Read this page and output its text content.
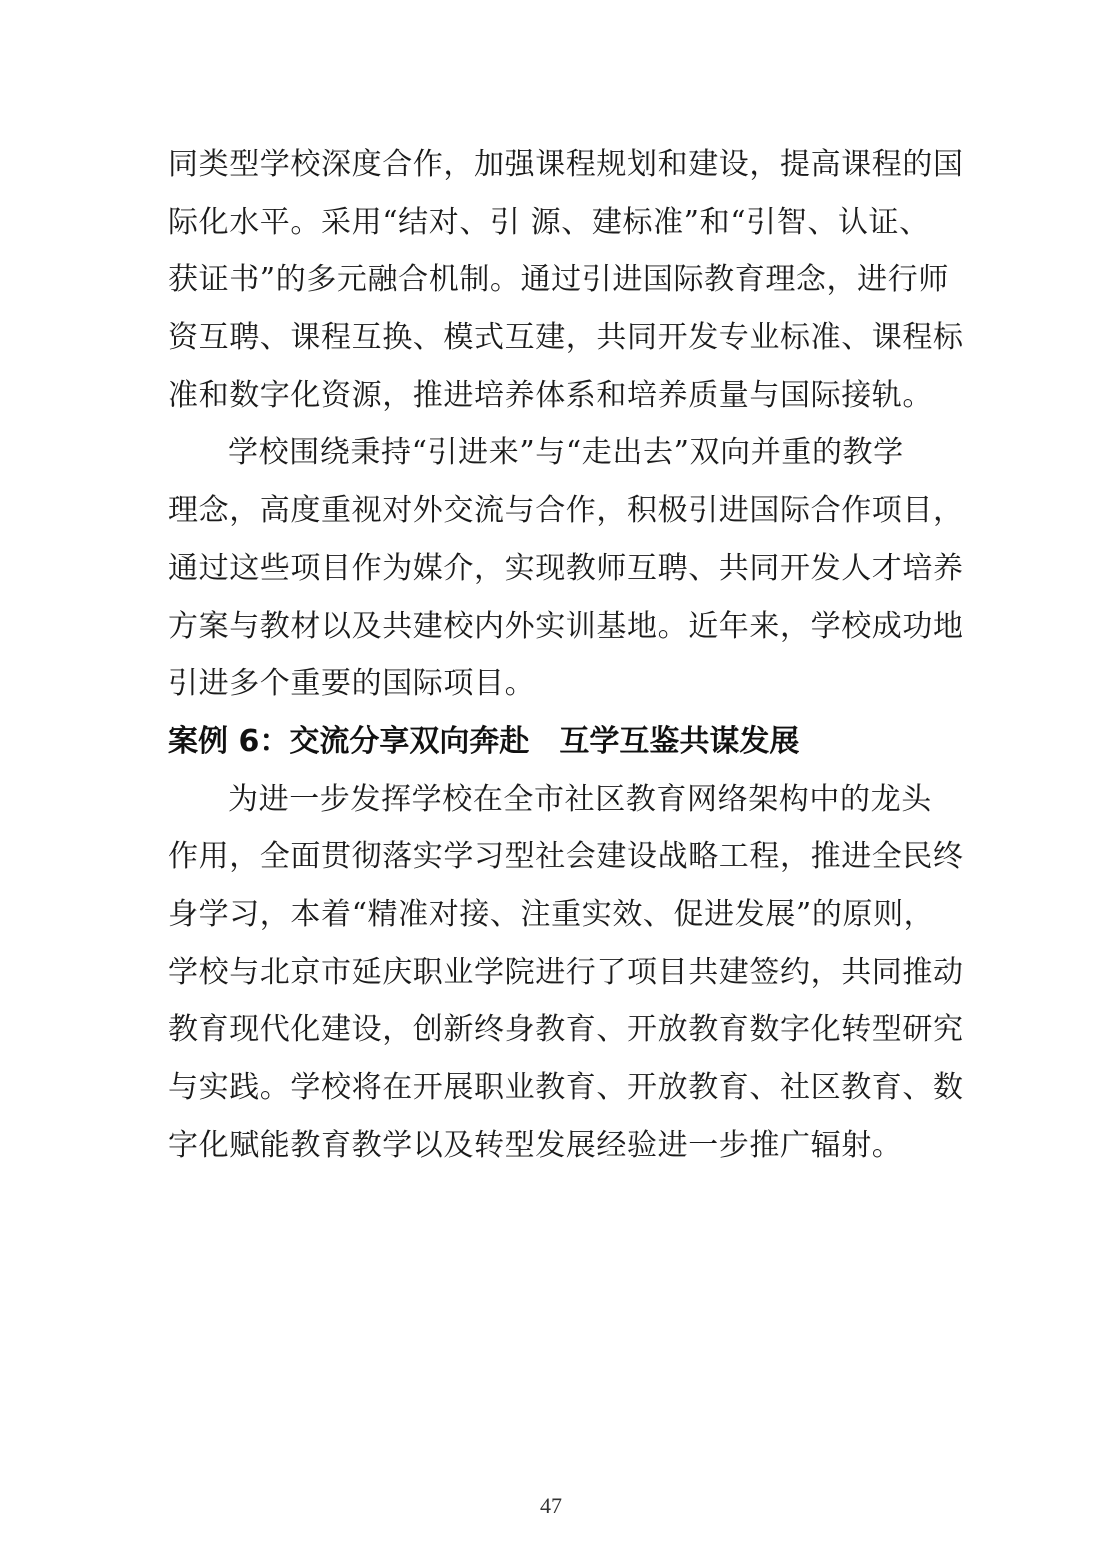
同类型学校深度合作，加强课程规划和建设，提高课程的国
际化水平。采用“结对、引 源、建标准”和“引智、认证、
获证书”的多元融合机制。通过引进国际教育理念，进行师
资互聘、课程互换、模式互建，共同开发专业标准、课程标
准和数字化资源，推进培养体系和培养质量与国际接轨。
学校围绕秉持“引进来”与“走出去”双向并重的教学
理念，高度重视对外交流与合作，积极引进国际合作项目，
通过这些项目作为媒介，实现教师互聘、共同开发人才培养
方案与教材以及共建校内外实训基地。近年来，学校成功地
引进多个重要的国际项目。
案例 6：交流分享双向奔赴 互学互鉴共谋发展
为进一步发挥学校在全市社区教育网络架构中的龙头
作用，全面贯彻落实学习型社会建设战略工程，推进全民终
身学习，本着“精准对接、注重实效、促进发展”的原则，
学校与北京市延庆职业学院进行了项目共建签约，共同推动
教育现代化建设，创新终身教育、开放教育数字化转型研究
与实践。学校将在开展职业教育、开放教育、社区教育、数
字化赋能教育教学以及转型发展经验进一步推广辐射。
47
